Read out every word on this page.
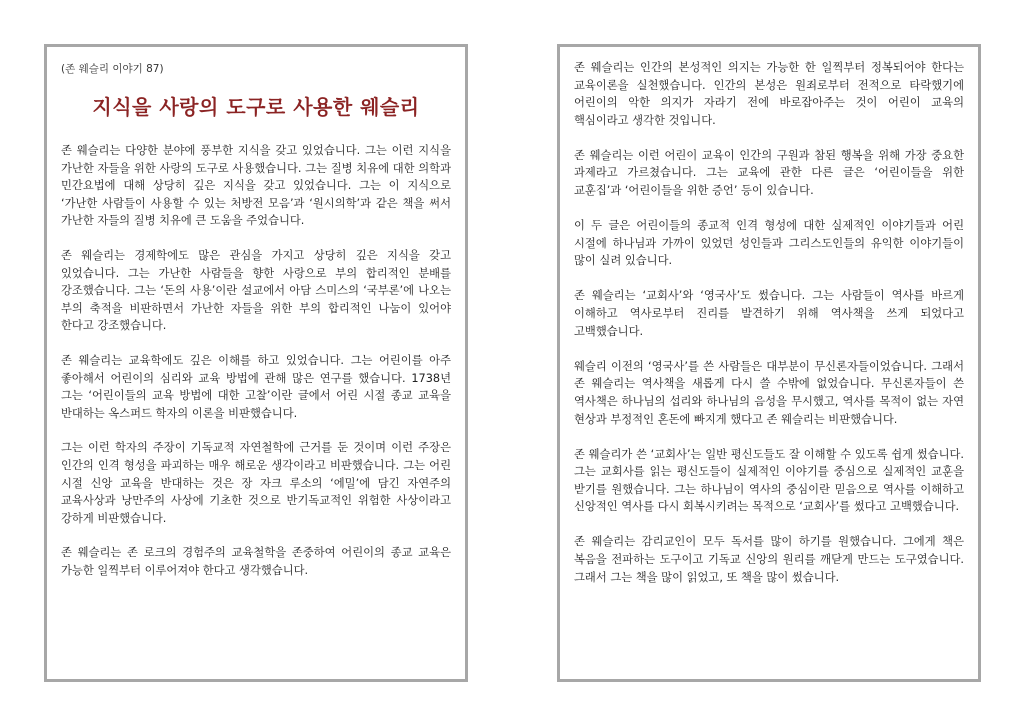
(존 웨슬리 이야기 87)
지식을 사랑의 도구로 사용한 웨슬리

존 웨슬리는 다양한 분야에 풍부한 지식을 갖고 있었습니다. 그는 이런 지식을 가난한 자들을 위한 사랑의 도구로 사용했습니다. 그는 질병 치유에 대한 의학과 민간요법에 대해 상당히 깊은 지식을 갖고 있었습니다. 그는 이 지식으로 ‘가난한 사람들이 사용할 수 있는 처방전 모음’과 ‘원시의학’과 같은 책을 써서 가난한 자들의 질병 치유에 큰 도움을 주었습니다.

존 웨슬리는 경제학에도 많은 관심을 가지고 상당히 깊은 지식을 갖고 있었습니다. 그는 가난한 사람들을 향한 사랑으로 부의 합리적인 분배를 강조했습니다. 그는 ‘돈의 사용’이란 설교에서 아담 스미스의 ‘국부론’에 나오는 부의 축적을 비판하면서 가난한 자들을 위한 부의 합리적인 나눔이 있어야 한다고 강조했습니다.

존 웨슬리는 교육학에도 깊은 이해를 하고 있었습니다. 그는 어린이를 아주 좋아해서 어린이의 심리와 교육 방법에 관해 많은 연구를 했습니다. 1738년 그는 ‘어린이들의 교육 방법에 대한 고찰’이란 글에서 어린 시절 종교 교육을 반대하는 옥스퍼드 학자의 이론을 비판했습니다.

그는 이런 학자의 주장이 기독교적 자연철학에 근거를 둔 것이며 이런 주장은 인간의 인격 형성을 파괴하는 매우 해로운 생각이라고 비판했습니다. 그는 어린 시절 신앙 교육을 반대하는 것은 장 자크 루소의 ‘에밀’에 담긴 자연주의 교육사상과 낭만주의 사상에 기초한 것으로 반기독교적인 위험한 사상이라고 강하게 비판했습니다.

존 웨슬리는 존 로크의 경험주의 교육철학을 존중하여 어린이의 종교 교육은 가능한 일찍부터 이루어져야 한다고 생각했습니다.

존 웨슬리는 인간의 본성적인 의지는 가능한 한 일찍부터 정복되어야 한다는 교육이론을 실천했습니다. 인간의 본성은 원죄로부터 전적으로 타락했기에 어린이의 악한 의지가 자라기 전에 바로잡아주는 것이 어린이 교육의 핵심이라고 생각한 것입니다.

존 웨슬리는 이런 어린이 교육이 인간의 구원과 참된 행복을 위해 가장 중요한 과제라고 가르쳤습니다. 그는 교육에 관한 다른 글은 ‘어린이들을 위한 교훈집’과 ‘어린이들을 위한 증언’ 등이 있습니다.

이 두 글은 어린이들의 종교적 인격 형성에 대한 실제적인 이야기들과 어린 시절에 하나님과 가까이 있었던 성인들과 그리스도인들의 유익한 이야기들이 많이 실려 있습니다.

존 웨슬리는 ‘교회사’와 ‘영국사’도 썼습니다. 그는 사람들이 역사를 바르게 이해하고 역사로부터 진리를 발견하기 위해 역사책을 쓰게 되었다고 고백했습니다.

웨슬리 이전의 ‘영국사’를 쓴 사람들은 대부분이 무신론자들이었습니다. 그래서 존 웨슬리는 역사책을 새롭게 다시 쓸 수밖에 없었습니다. 무신론자들이 쓴 역사책은 하나님의 섭리와 하나님의 음성을 무시했고, 역사를 목적이 없는 자연 현상과 부정적인 혼돈에 빠지게 했다고 존 웨슬리는 비판했습니다.

존 웨슬리가 쓴 ‘교회사’는 일반 평신도들도 잘 이해할 수 있도록 쉽게 썼습니다. 그는 교회사를 읽는 평신도들이 실제적인 이야기를 중심으로 실제적인 교훈을 받기를 원했습니다. 그는 하나님이 역사의 중심이란 믿음으로 역사를 이해하고 신앙적인 역사를 다시 회복시키려는 목적으로 ‘교회사’를 썼다고 고백했습니다.

존 웨슬리는 감리교인이 모두 독서를 많이 하기를 원했습니다. 그에게 책은 복음을 전파하는 도구이고 기독교 신앙의 원리를 깨닫게 만드는 도구였습니다. 그래서 그는 책을 많이 읽었고, 또 책을 많이 썼습니다.
